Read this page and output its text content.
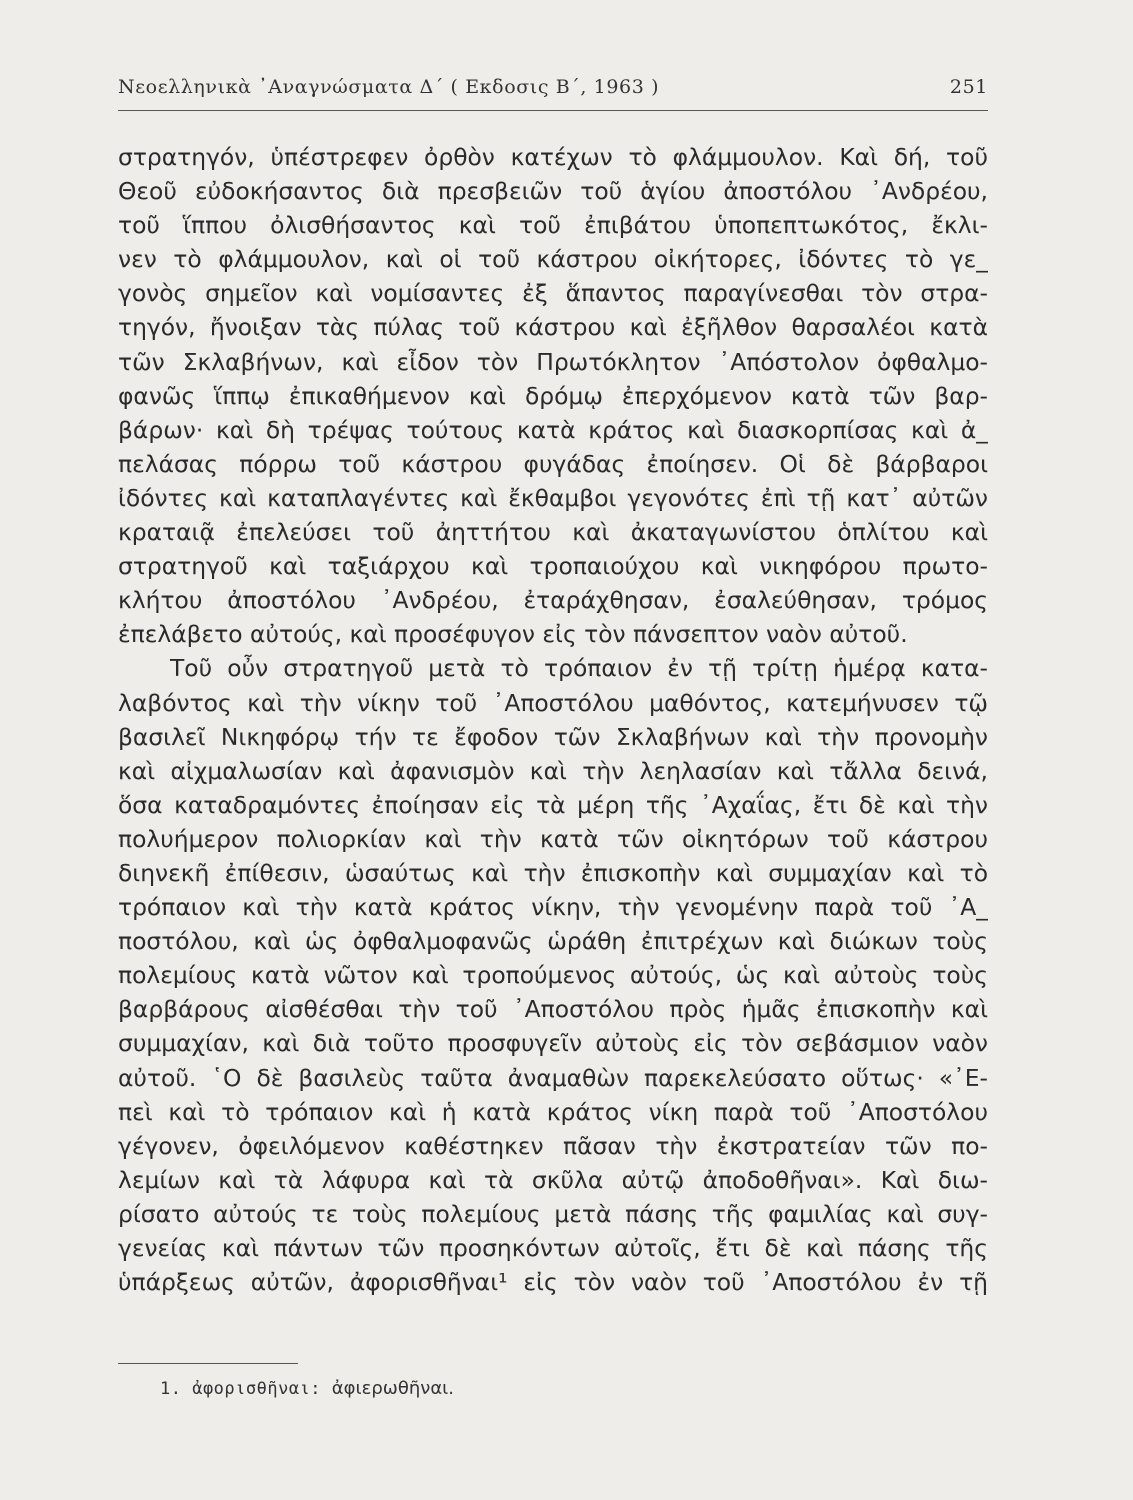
Νεοελληνικὰ ᾿Αναγνώσματα Δ΄ ( Εκδοσις Β΄, 1963 )	251
στρατηγόν, ὑπέστρεφεν ὀρθὸν κατέχων τὸ φλάμμουλον. Καὶ δή, τοῦ
Θεοῦ εὐδοκήσαντος διὰ πρεσβειῶν τοῦ ἁγίου ἀποστόλου ᾿Ανδρέου,
τοῦ ἵππου ὀλισθήσαντος καὶ τοῦ ἐπιβάτου ὑποπεπτωκότος, ἔκλι-
νεν τὸ φλάμμουλον, καὶ οἱ τοῦ κάστρου οἰκήτορες, ἰδόντες τὸ γε_
γονὸς σημεῖον καὶ νομίσαντες ἐξ ἅπαντος παραγίνεσθαι τὸν στρα-
τηγόν, ἤνοιξαν τὰς πύλας τοῦ κάστρου καὶ ἐξῆλθον θαρσαλέοι κατὰ
τῶν Σκλαβήνων, καὶ εἶδον τὸν Πρωτόκλητον ᾿Απόστολον ὀφθαλμο-
φανῶς ἵππῳ ἐπικαθήμενον καὶ δρόμῳ ἐπερχόμενον κατὰ τῶν βαρ-
βάρων· καὶ δὴ τρέψας τούτους κατὰ κράτος καὶ διασκορπίσας καὶ ἀ_
πελάσας πόρρω τοῦ κάστρου φυγάδας ἐποίησεν. Οἱ δὲ βάρβαροι
ἰδόντες καὶ καταπλαγέντες καὶ ἔκθαμβοι γεγονότες ἐπὶ τῇ κατ᾿ αὐτῶν
κραταιᾷ ἐπελεύσει τοῦ ἀηττήτου καὶ ἀκαταγωνίστου ὁπλίτου καὶ
στρατηγοῦ καὶ ταξιάρχου καὶ τροπαιούχου καὶ νικηφόρου πρωτο-
κλήτου ἀποστόλου ᾿Ανδρέου, ἐταράχθησαν, ἐσαλεύθησαν, τρόμος
ἐπελάβετο αὐτούς, καὶ προσέφυγον εἰς τὸν πάνσεπτον ναὸν αὐτοῦ.
Τοῦ οὖν στρατηγοῦ μετὰ τὸ τρόπαιον ἐν τῇ τρίτῃ ἡμέρᾳ κατα-
λαβόντος καὶ τὴν νίκην τοῦ ᾿Αποστόλου μαθόντος, κατεμήνυσεν τῷ
βασιλεῖ Νικηφόρῳ τήν τε ἔφοδον τῶν Σκλαβήνων καὶ τὴν προνομὴν
καὶ αἰχμαλωσίαν καὶ ἀφανισμὸν καὶ τὴν λεηλασίαν καὶ τἄλλα δεινά,
ὅσα καταδραμόντες ἐποίησαν εἰς τὰ μέρη τῆς ᾿Αχαΐας, ἔτι δὲ καὶ τὴν
πολυήμερον πολιορκίαν καὶ τὴν κατὰ τῶν οἰκητόρων τοῦ κάστρου
διηνεκῆ ἐπίθεσιν, ὡσαύτως καὶ τὴν ἐπισκοπὴν καὶ συμμαχίαν καὶ τὸ
τρόπαιον καὶ τὴν κατὰ κράτος νίκην, τὴν γενομένην παρὰ τοῦ ᾿Α_
ποστόλου, καὶ ὡς ὀφθαλμοφανῶς ὡράθη ἐπιτρέχων καὶ διώκων τοὺς
πολεμίους κατὰ νῶτον καὶ τροπούμενος αὐτούς, ὡς καὶ αὐτοὺς τοὺς
βαρβάρους αἰσθέσθαι τὴν τοῦ ᾿Αποστόλου πρὸς ἡμᾶς ἐπισκοπὴν καὶ
συμμαχίαν, καὶ διὰ τοῦτο προσφυγεῖν αὐτοὺς εἰς τὸν σεβάσμιον ναὸν
αὐτοῦ. ῾Ο δὲ βασιλεὺς ταῦτα ἀναμαθὼν παρεκελεύσατο οὕτως· «᾿Ε-
πεὶ καὶ τὸ τρόπαιον καὶ ἡ κατὰ κράτος νίκη παρὰ τοῦ ᾿Αποστόλου
γέγονεν, ὀφειλόμενον καθέστηκεν πᾶσαν τὴν ἐκστρατείαν τῶν πο-
λεμίων καὶ τὰ λάφυρα καὶ τὰ σκῦλα αὐτῷ ἀποδοθῆναι». Καὶ διω-
ρίσατο αὐτούς τε τοὺς πολεμίους μετὰ πάσης τῆς φαμιλίας καὶ συγ-
γενείας καὶ πάντων τῶν προσηκόντων αὐτοῖς, ἔτι δὲ καὶ πάσης τῆς
ὑπάρξεως αὐτῶν, ἀφορισθῆναι¹ εἰς τὸν ναὸν τοῦ ᾿Αποστόλου ἐν τῇ
1. ἀφορισθῆναι: ἀφιερωθῆναι.
